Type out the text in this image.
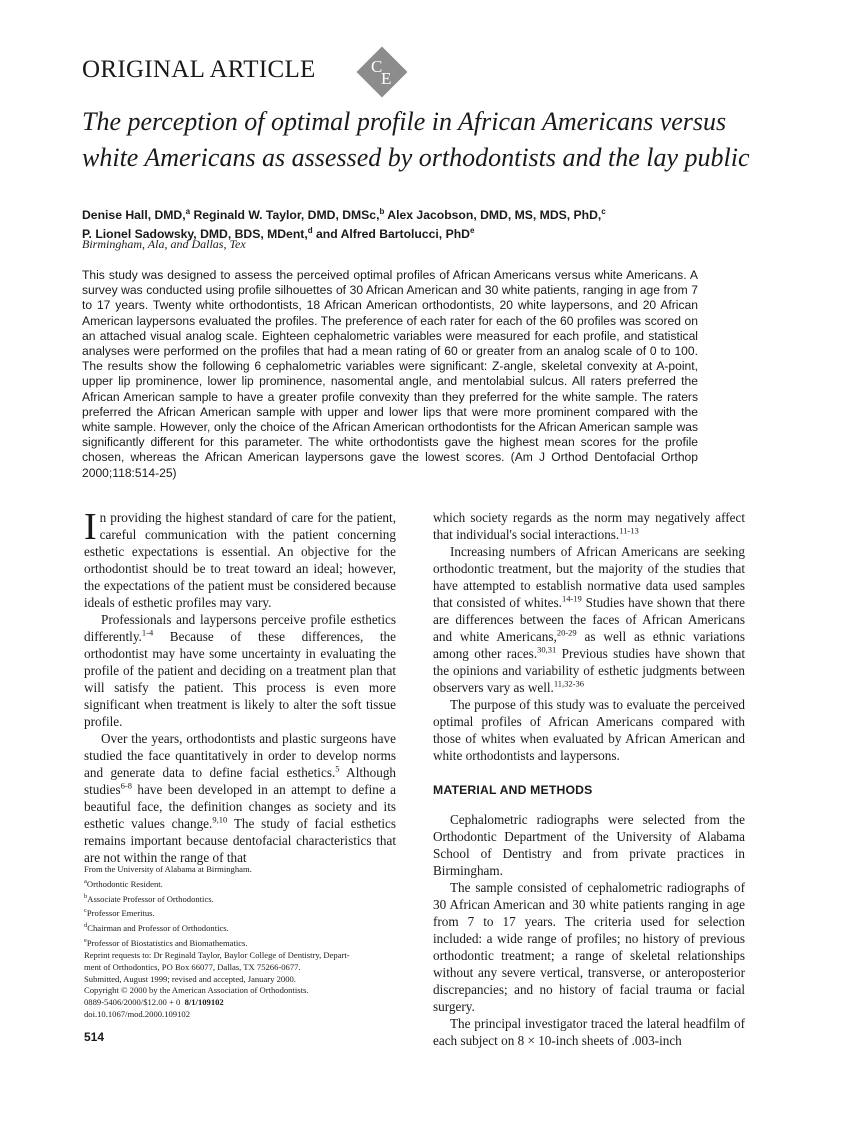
ORIGINAL ARTICLE	C
E
The perception of optimal profile in African Americans versus
white Americans as assessed by orthodontists and the lay public
Denise Hall, DMD,$^a$ Reginald W. Taylor, DMD, DMSc,$^b$ Alex Jacobson, DMD, MS, MDS, PhD,$^c$
P. Lionel Sadowsky, DMD, BDS, MDent,$^d$ and Alfred Bartolucci, PhD$^e$
Birmingham, Ala, and Dallas, Tex
This study was designed to assess the perceived optimal profiles of African Americans versus white Americans. A survey was conducted using profile silhouettes of 30 African American and 30 white patients, ranging in age from 7 to 17 years. Twenty white orthodontists, 18 African American orthodontists, 20 white laypersons, and 20 African American laypersons evaluated the profiles. The preference of each rater for each of the 60 profiles was scored on an attached visual analog scale. Eighteen cephalometric variables were measured for each profile, and statistical analyses were performed on the profiles that had a mean rating of 60 or greater from an analog scale of 0 to 100. The results show the following 6 cephalometric variables were significant: Z-angle, skeletal convexity at A-point, upper lip prominence, lower lip prominence, nasomental angle, and mentolabial sulcus. All raters preferred the African American sample to have a greater profile convexity than they preferred for the white sample. The raters preferred the African American sample with upper and lower lips that were more prominent compared with the white sample. However, only the choice of the African American orthodontists for the African American sample was significantly different for this parameter. The white orthodontists gave the highest mean scores for the profile chosen, whereas the African American laypersons gave the lowest scores. (Am J Orthod Dentofacial Orthop 2000;118:514-25)

In providing the highest standard of care for the patient, careful communication with the patient concerning esthetic expectations is essential. An objective for the orthodontist should be to treat toward an ideal; however, the expectations of the patient must be considered because ideals of esthetic profiles may vary.

Professionals and laypersons perceive profile esthetics differently.$^{1-4}$ Because of these differences, the orthodontist may have some uncertainty in evaluating the profile of the patient and deciding on a treatment plan that will satisfy the patient. This process is even more significant when treatment is likely to alter the soft tissue profile.

Over the years, orthodontists and plastic surgeons have studied the face quantitatively in order to develop norms and generate data to define facial esthetics.$^5$ Although studies$^{6-8}$ have been developed in an attempt to define a beautiful face, the definition changes as society and its esthetic values change.$^{9,10}$ The study of facial esthetics remains important because dentofacial characteristics that are not within the range of that

which society regards as the norm may negatively affect that individual's social interactions.$^{11-13}$

Increasing numbers of African Americans are seeking orthodontic treatment, but the majority of the studies that have attempted to establish normative data used samples that consisted of whites.$^{14-19}$ Studies have shown that there are differences between the faces of African Americans and white Americans,$^{20-29}$ as well as ethnic variations among other races.$^{30,31}$ Previous studies have shown that the opinions and variability of esthetic judgments between observers vary as well.$^{11,32-36}$

The purpose of this study was to evaluate the perceived optimal profiles of African Americans compared with those of whites when evaluated by African American and white orthodontists and laypersons.

MATERIAL AND METHODS

Cephalometric radiographs were selected from the Orthodontic Department of the University of Alabama School of Dentistry and from private practices in Birmingham.

The sample consisted of cephalometric radiographs of 30 African American and 30 white patients ranging in age from 7 to 17 years. The criteria used for selection included: a wide range of profiles; no history of previous orthodontic treatment; a range of skeletal relationships without any severe vertical, transverse, or anteroposterior discrepancies; and no history of facial trauma or facial surgery.

The principal investigator traced the lateral headfilm of each subject on 8 × 10-inch sheets of .003-inch

From the University of Alabama at Birmingham.
$^a$Orthodontic Resident.
$^b$Associate Professor of Orthodontics.
$^c$Professor Emeritus.
$^d$Chairman and Professor of Orthodontics.
$^e$Professor of Biostatistics and Biomathematics.
Reprint requests to: Dr Reginald Taylor, Baylor College of Dentistry, Depart-
ment of Orthodontics, PO Box 66077, Dallas, TX 75266-0677.
Submitted, August 1999; revised and accepted, January 2000.
Copyright © 2000 by the American Association of Orthodontists.
0889-5406/2000/$12.00 + 0  8/1/109102
doi.10.1067/mod.2000.109102
514
